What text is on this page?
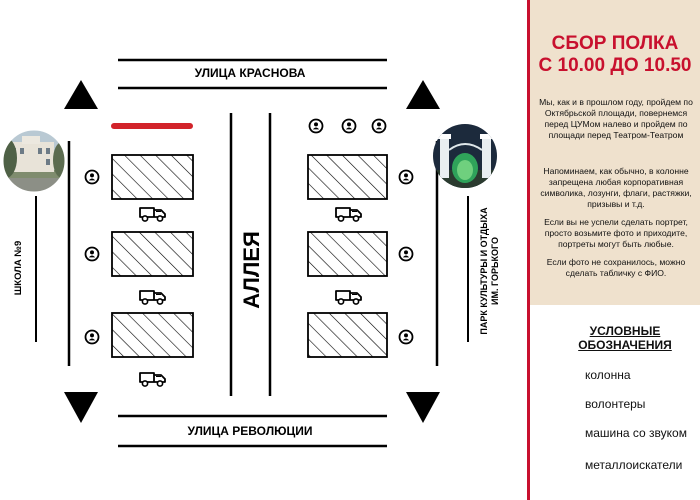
УЛИЦА КРАСНОВА
УЛИЦА РЕВОЛЮЦИИ
АЛЛЕЯ
ШКОЛА №9	ПАРК КУЛЬТУРЫ И ОТДЫХА ИМ. ГОРЬКОГО
СБОР ПОЛКА
С 10.00 ДО 10.50
Мы, как и в прошлом году, пройдем по Октябрьской площади, повернемся перед ЦУМом налево и пройдем по площади перед Театром-Театром
Напоминаем, как обычно, в колонне запрещена любая корпоративная символика, лозунги, флаги, растяжки, призывы и т.д.
Если вы не успели сделать портрет, просто возьмите фото и приходите, портреты могут быть любые.
Если фото не сохранилось, можно сделать табличку с ФИО.
УСЛОВНЫЕ
ОБОЗНАЧЕНИЯ
колонна
волонтеры
машина со звуком
металлоискатели
